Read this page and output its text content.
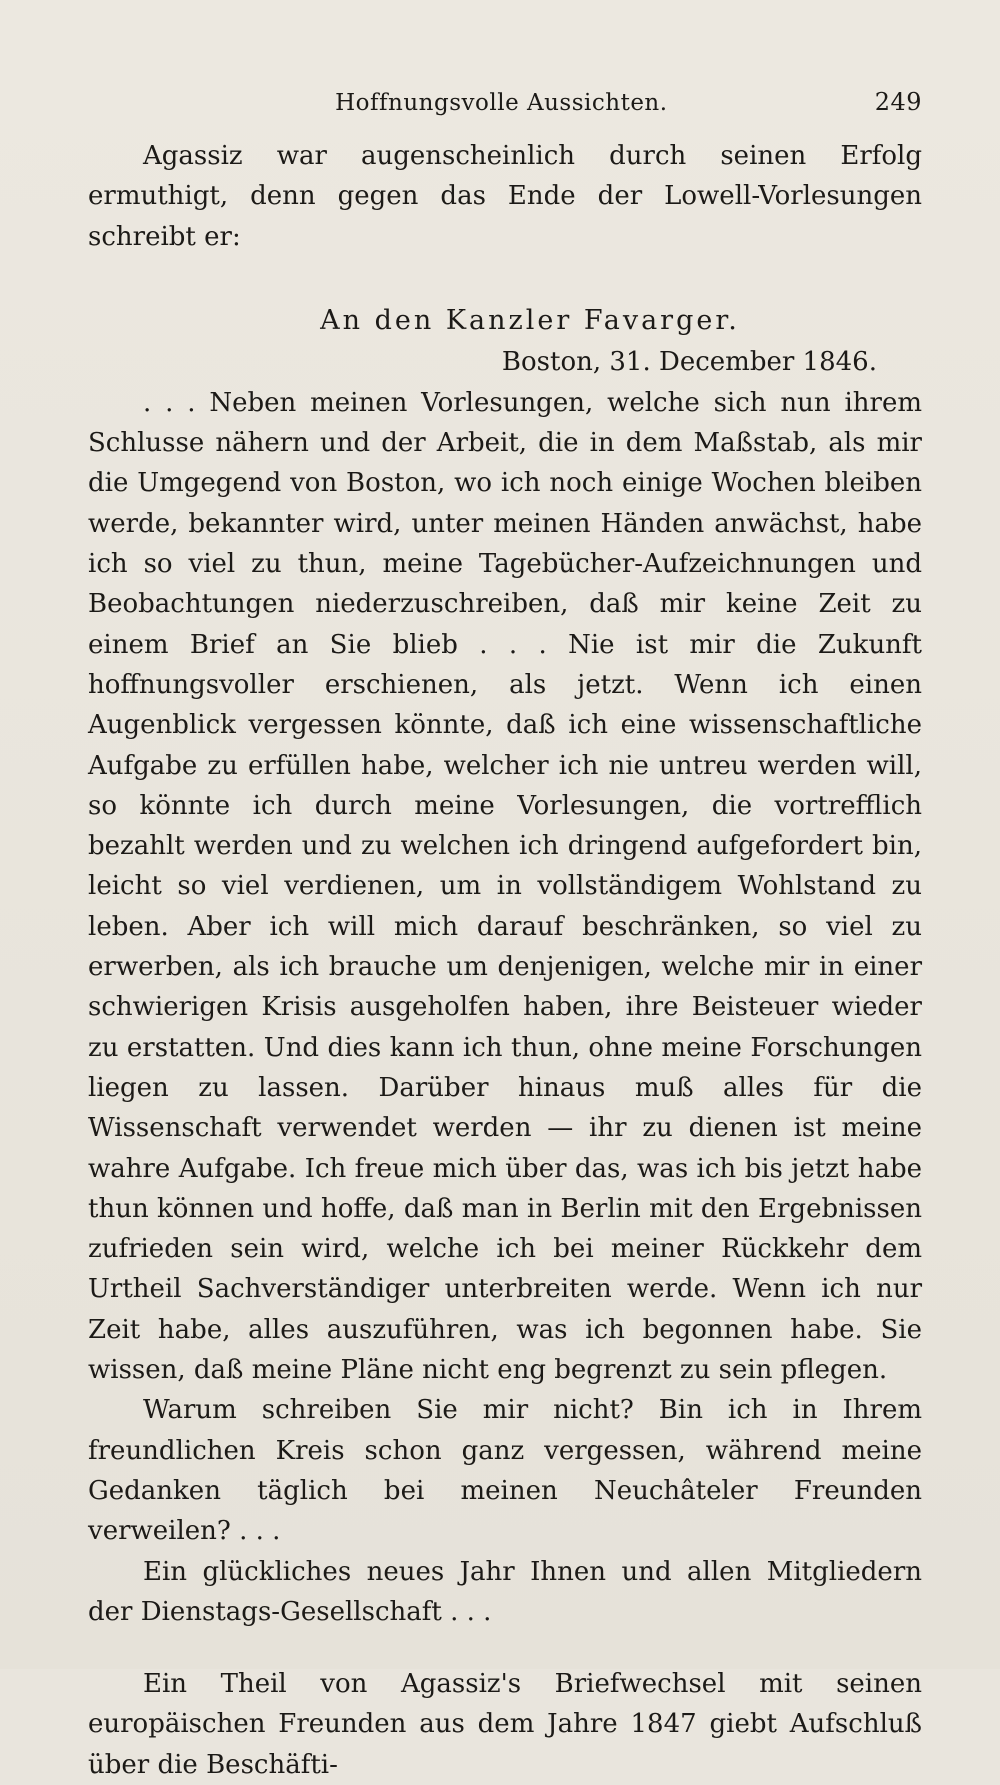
Hoffnungsvolle Aussichten.	249

Agassiz war augenscheinlich durch seinen Erfolg ermuthigt, denn gegen das Ende der Lowell-Vorlesungen schreibt er:

An den Kanzler Favarger.
Boston, 31. December 1846.

. . . Neben meinen Vorlesungen, welche sich nun ihrem Schlusse nähern und der Arbeit, die in dem Maßstab, als mir die Umgegend von Boston, wo ich noch einige Wochen bleiben werde, bekannter wird, unter meinen Händen anwächst, habe ich so viel zu thun, meine Tagebücher-Aufzeichnungen und Beobachtungen niederzuschreiben, daß mir keine Zeit zu einem Brief an Sie blieb . . . Nie ist mir die Zukunft hoffnungsvoller erschienen, als jetzt. Wenn ich einen Augenblick vergessen könnte, daß ich eine wissenschaftliche Aufgabe zu erfüllen habe, welcher ich nie untreu werden will, so könnte ich durch meine Vorlesungen, die vortrefflich bezahlt werden und zu welchen ich dringend aufgefordert bin, leicht so viel verdienen, um in vollständigem Wohlstand zu leben. Aber ich will mich darauf beschränken, so viel zu erwerben, als ich brauche um denjenigen, welche mir in einer schwierigen Krisis ausgeholfen haben, ihre Beisteuer wieder zu erstatten. Und dies kann ich thun, ohne meine Forschungen liegen zu lassen. Darüber hinaus muß alles für die Wissenschaft verwendet werden — ihr zu dienen ist meine wahre Aufgabe. Ich freue mich über das, was ich bis jetzt habe thun können und hoffe, daß man in Berlin mit den Ergebnissen zufrieden sein wird, welche ich bei meiner Rückkehr dem Urtheil Sachverständiger unterbreiten werde. Wenn ich nur Zeit habe, alles auszuführen, was ich begonnen habe. Sie wissen, daß meine Pläne nicht eng begrenzt zu sein pflegen.

Warum schreiben Sie mir nicht? Bin ich in Ihrem freundlichen Kreis schon ganz vergessen, während meine Gedanken täglich bei meinen Neuchâteler Freunden verweilen? . . .

Ein glückliches neues Jahr Ihnen und allen Mitgliedern der Dienstags-Gesellschaft . . .

Ein Theil von Agassiz's Briefwechsel mit seinen europäischen Freunden aus dem Jahre 1847 giebt Aufschluß über die Beschäfti-
